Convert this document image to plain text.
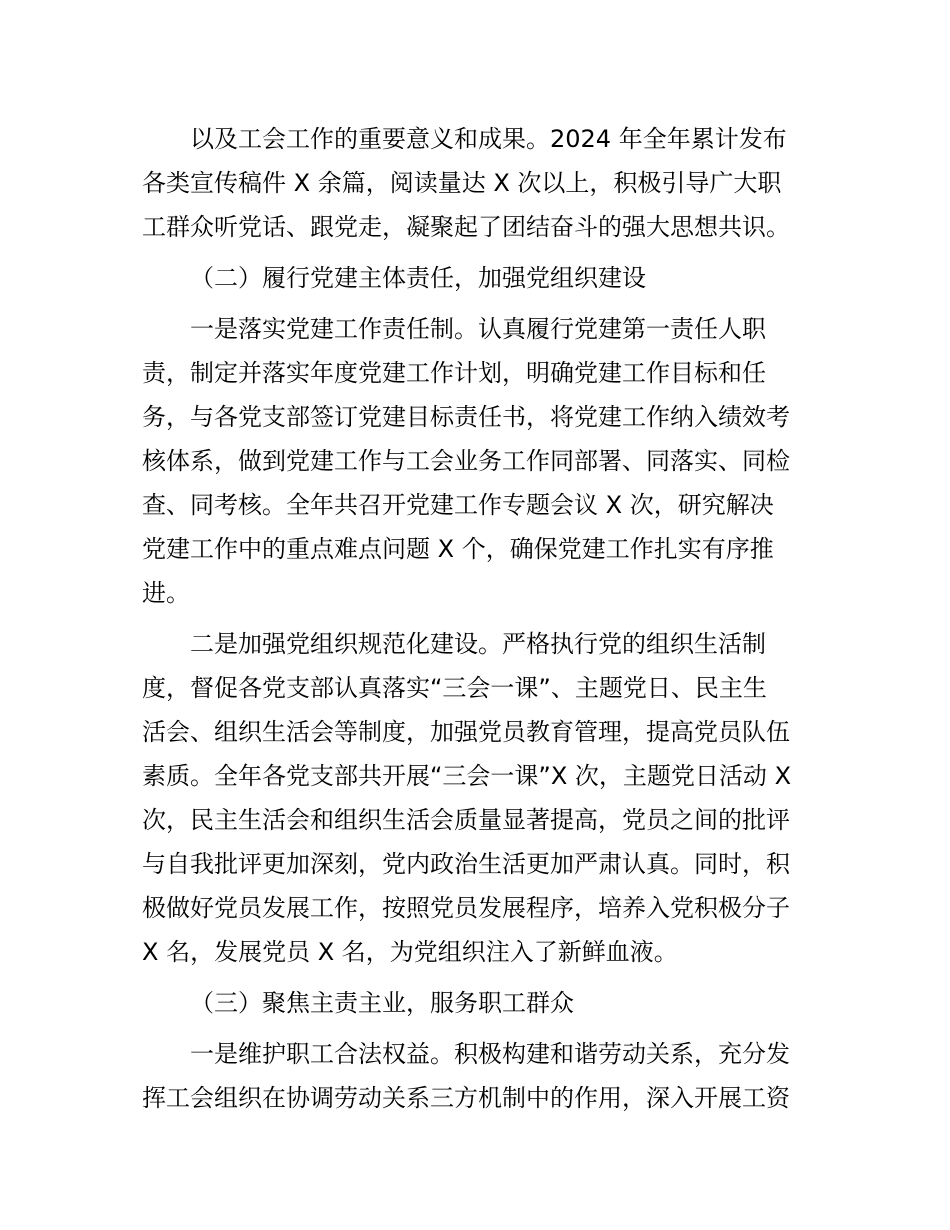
以及工会工作的重要意义和成果。2024 年全年累计发布
各类宣传稿件 X 余篇，阅读量达 X 次以上，积极引导广大职
工群众听党话、跟党走，凝聚起了团结奋斗的强大思想共识。
（二）履行党建主体责任，加强党组织建设
一是落实党建工作责任制。认真履行党建第一责任人职
责，制定并落实年度党建工作计划，明确党建工作目标和任
务，与各党支部签订党建目标责任书，将党建工作纳入绩效考
核体系，做到党建工作与工会业务工作同部署、同落实、同检
查、同考核。全年共召开党建工作专题会议 X 次，研究解决
党建工作中的重点难点问题 X 个，确保党建工作扎实有序推
进。
二是加强党组织规范化建设。严格执行党的组织生活制
度，督促各党支部认真落实“三会一课”、主题党日、民主生
活会、组织生活会等制度，加强党员教育管理，提高党员队伍
素质。全年各党支部共开展“三会一课”X 次，主题党日活动 X
次，民主生活会和组织生活会质量显著提高，党员之间的批评
与自我批评更加深刻，党内政治生活更加严肃认真。同时，积
极做好党员发展工作，按照党员发展程序，培养入党积极分子
X 名，发展党员 X 名，为党组织注入了新鲜血液。
（三）聚焦主责主业，服务职工群众
一是维护职工合法权益。积极构建和谐劳动关系，充分发
挥工会组织在协调劳动关系三方机制中的作用，深入开展工资
